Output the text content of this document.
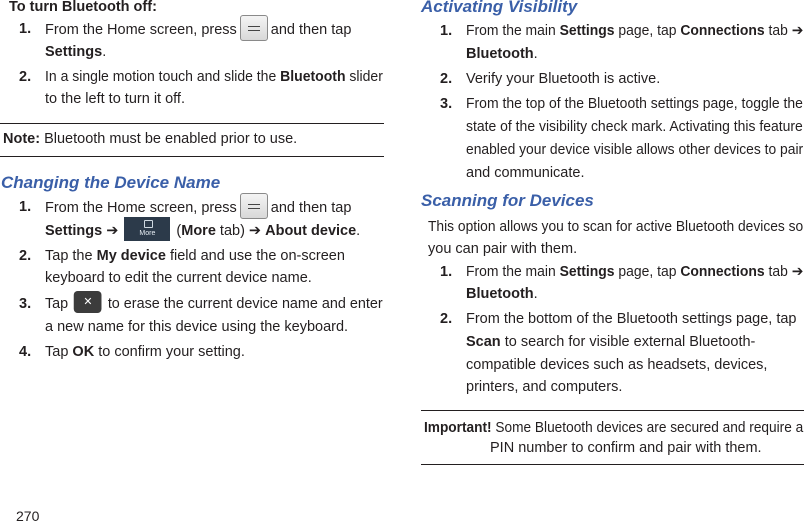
To turn Bluetooth off:
1. From the Home screen, press and then tap
Settings.
2. In a single motion touch and slide the Bluetooth slider
to the left to turn it off.
Note: Bluetooth must be enabled prior to use.
Changing the Device Name
1. From the Home screen, press and then tap
Settings ➔	More (More tab) ➔ About device.
2. Tap the My device field and use the on-screen
keyboard to edit the current device name.
3. Tap ✕ to erase the current device name and enter
a new name for this device using the keyboard.
4. Tap OK to confirm your setting.
Activating Visibility
1. From the main Settings page, tap Connections tab ➔
Bluetooth.
2. Verify your Bluetooth is active.
3. From the top of the Bluetooth settings page, toggle the
state of the visibility check mark. Activating this feature
enabled your device visible allows other devices to pair
and communicate.
Scanning for Devices
This option allows you to scan for active Bluetooth devices so
you can pair with them.
1. From the main Settings page, tap Connections tab ➔
Bluetooth.
2. From the bottom of the Bluetooth settings page, tap
Scan to search for visible external Bluetooth-
compatible devices such as headsets, devices,
printers, and computers.
Important! Some Bluetooth devices are secured and require a
PIN number to confirm and pair with them.
270
